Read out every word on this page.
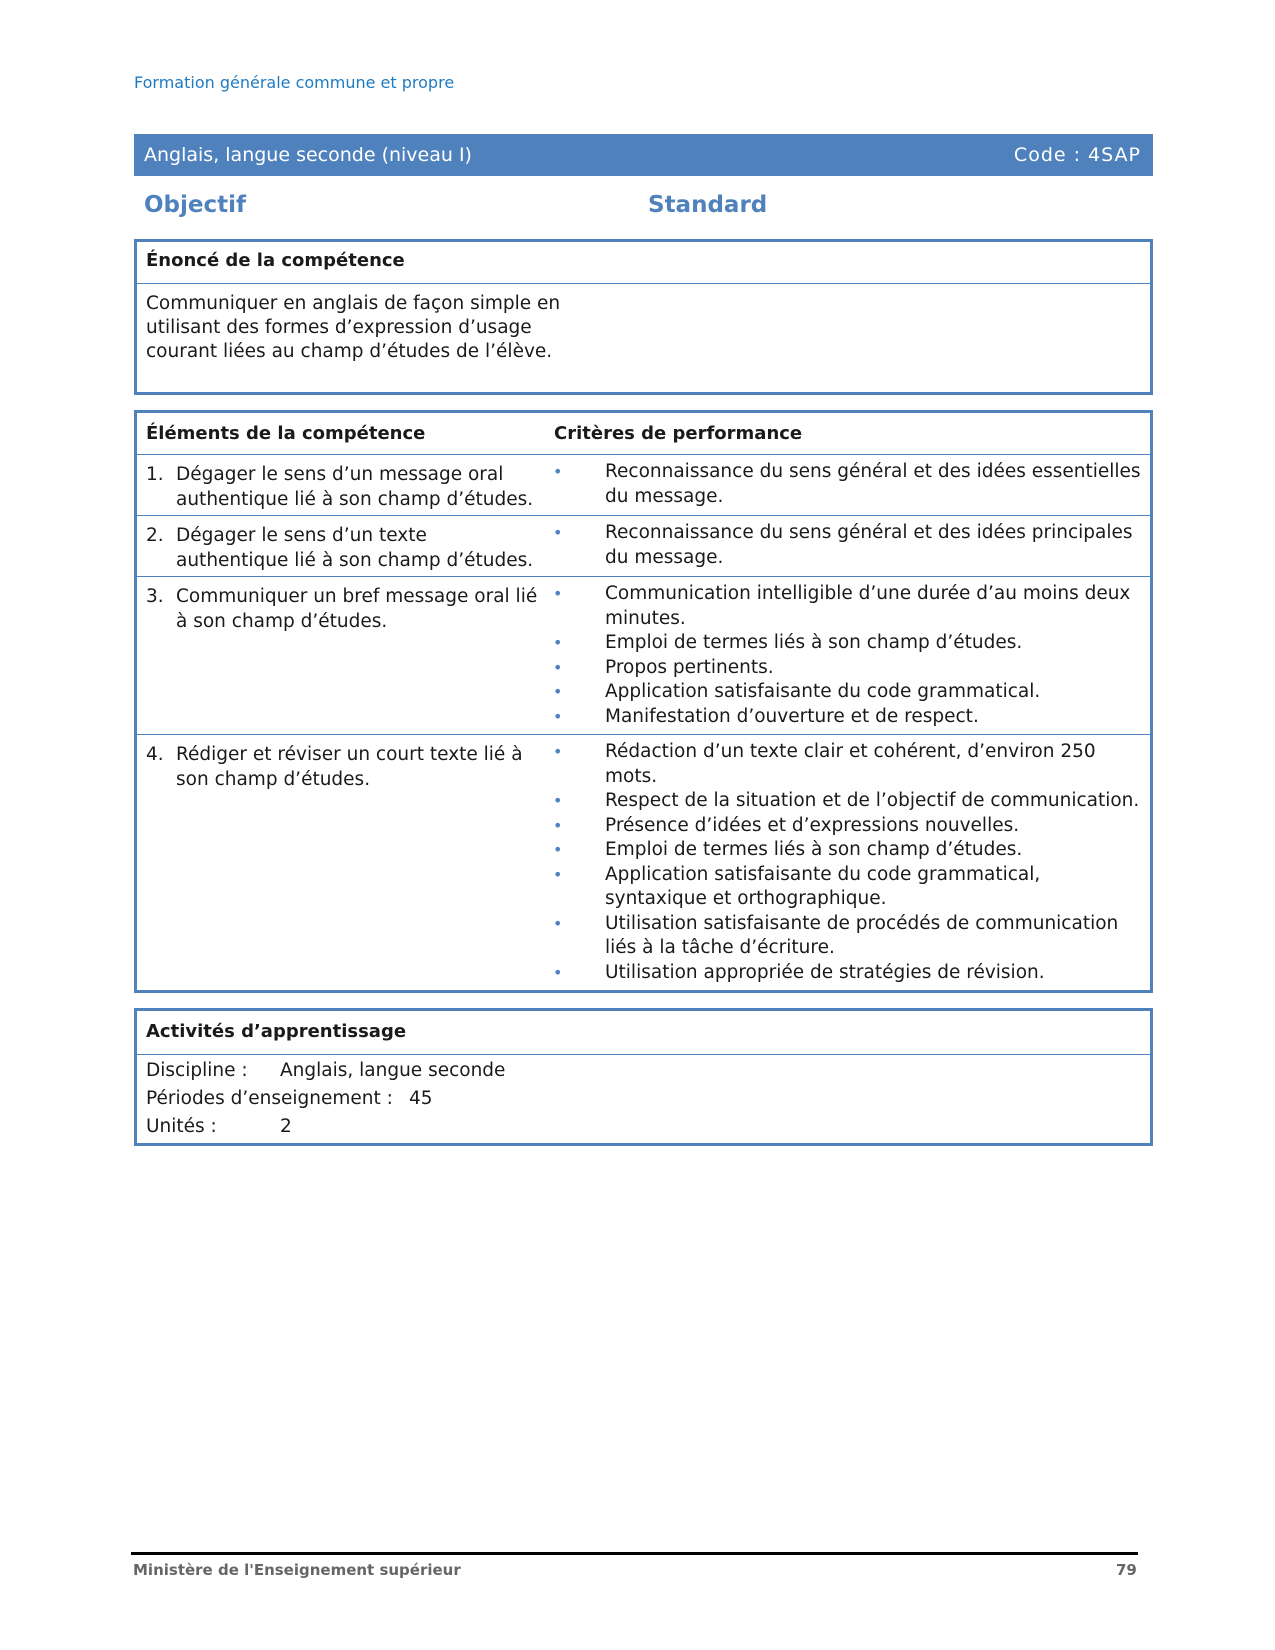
Formation générale commune et propre
Anglais, langue seconde (niveau I)	Code : 4SAP
Objectif	Standard
Énoncé de la compétence
Communiquer en anglais de façon simple en utilisant des formes d’expression d’usage courant liées au champ d’études de l’élève.
Éléments de la compétence	Critères de performance
1. Dégager le sens d’un message oral authentique lié à son champ d’études.
•	Reconnaissance du sens général et des idées essentielles du message.
2. Dégager le sens d’un texte authentique lié à son champ d’études.
•	Reconnaissance du sens général et des idées principales du message.
3. Communiquer un bref message oral lié à son champ d’études.
•	Communication intelligible d’une durée d’au moins deux minutes.
•	Emploi de termes liés à son champ d’études.
•	Propos pertinents.
•	Application satisfaisante du code grammatical.
•	Manifestation d’ouverture et de respect.
4. Rédiger et réviser un court texte lié à son champ d’études.
•	Rédaction d’un texte clair et cohérent, d’environ 250 mots.
•	Respect de la situation et de l’objectif de communication.
•	Présence d’idées et d’expressions nouvelles.
•	Emploi de termes liés à son champ d’études.
•	Application satisfaisante du code grammatical, syntaxique et orthographique.
•	Utilisation satisfaisante de procédés de communication liés à la tâche d’écriture.
•	Utilisation appropriée de stratégies de révision.
Activités d’apprentissage
Discipline :	Anglais, langue seconde
Périodes d’enseignement : 45
Unités :	2
Ministère de l'Enseignement supérieur	79
